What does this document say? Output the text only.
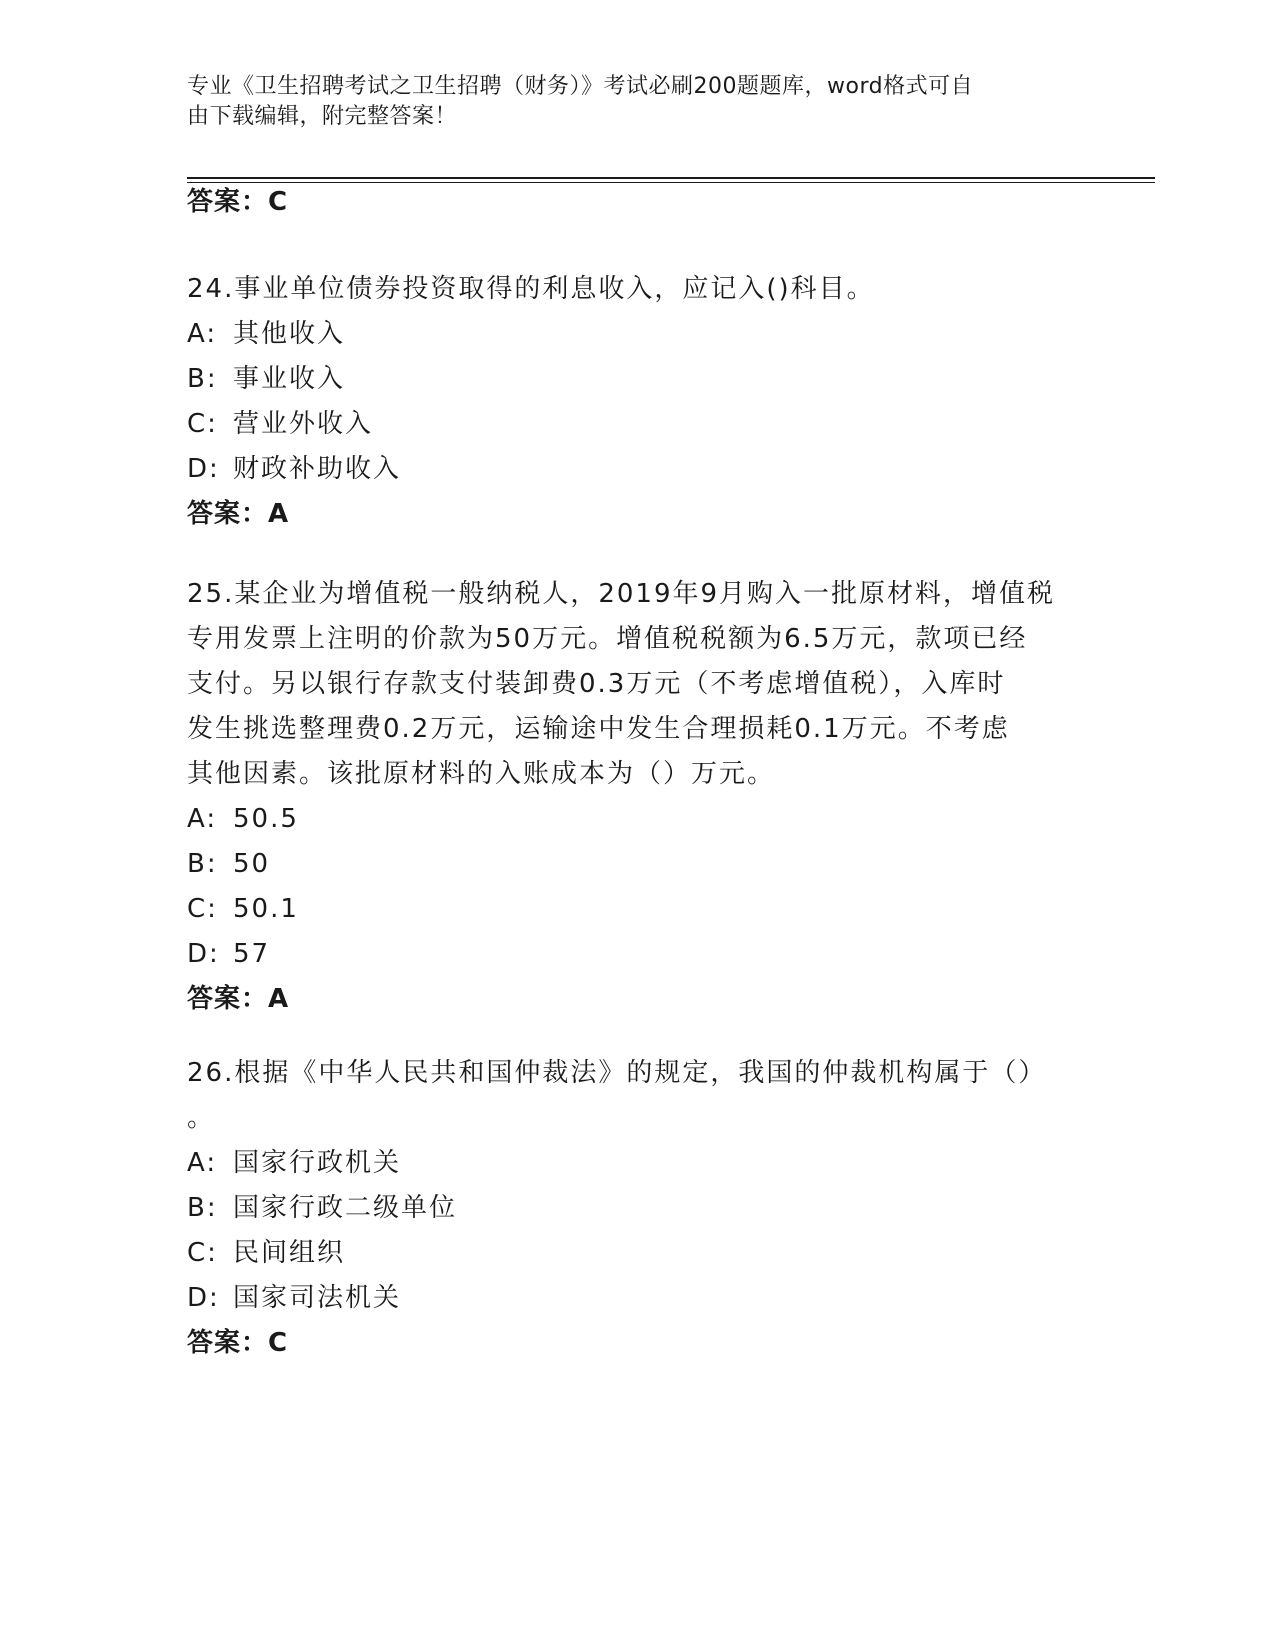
专业《卫生招聘考试之卫生招聘（财务）》考试必刷200题题库，word格式可自
由下载编辑，附完整答案！
答案：C
24.事业单位债券投资取得的利息收入，应记入()科目。
A: 其他收入
B: 事业收入
C: 营业外收入
D: 财政补助收入
答案：A
25.某企业为增值税一般纳税人，2019年9月购入一批原材料，增值税
专用发票上注明的价款为50万元。增值税税额为6.5万元，款项已经
支付。另以银行存款支付装卸费0.3万元（不考虑增值税），入库时
发生挑选整理费0.2万元，运输途中发生合理损耗0.1万元。不考虑
其他因素。该批原材料的入账成本为（）万元。
A: 50.5
B: 50
C: 50.1
D: 57
答案：A
26.根据《中华人民共和国仲裁法》的规定，我国的仲裁机构属于（）
。
A: 国家行政机关
B: 国家行政二级单位
C: 民间组织
D: 国家司法机关
答案：C
